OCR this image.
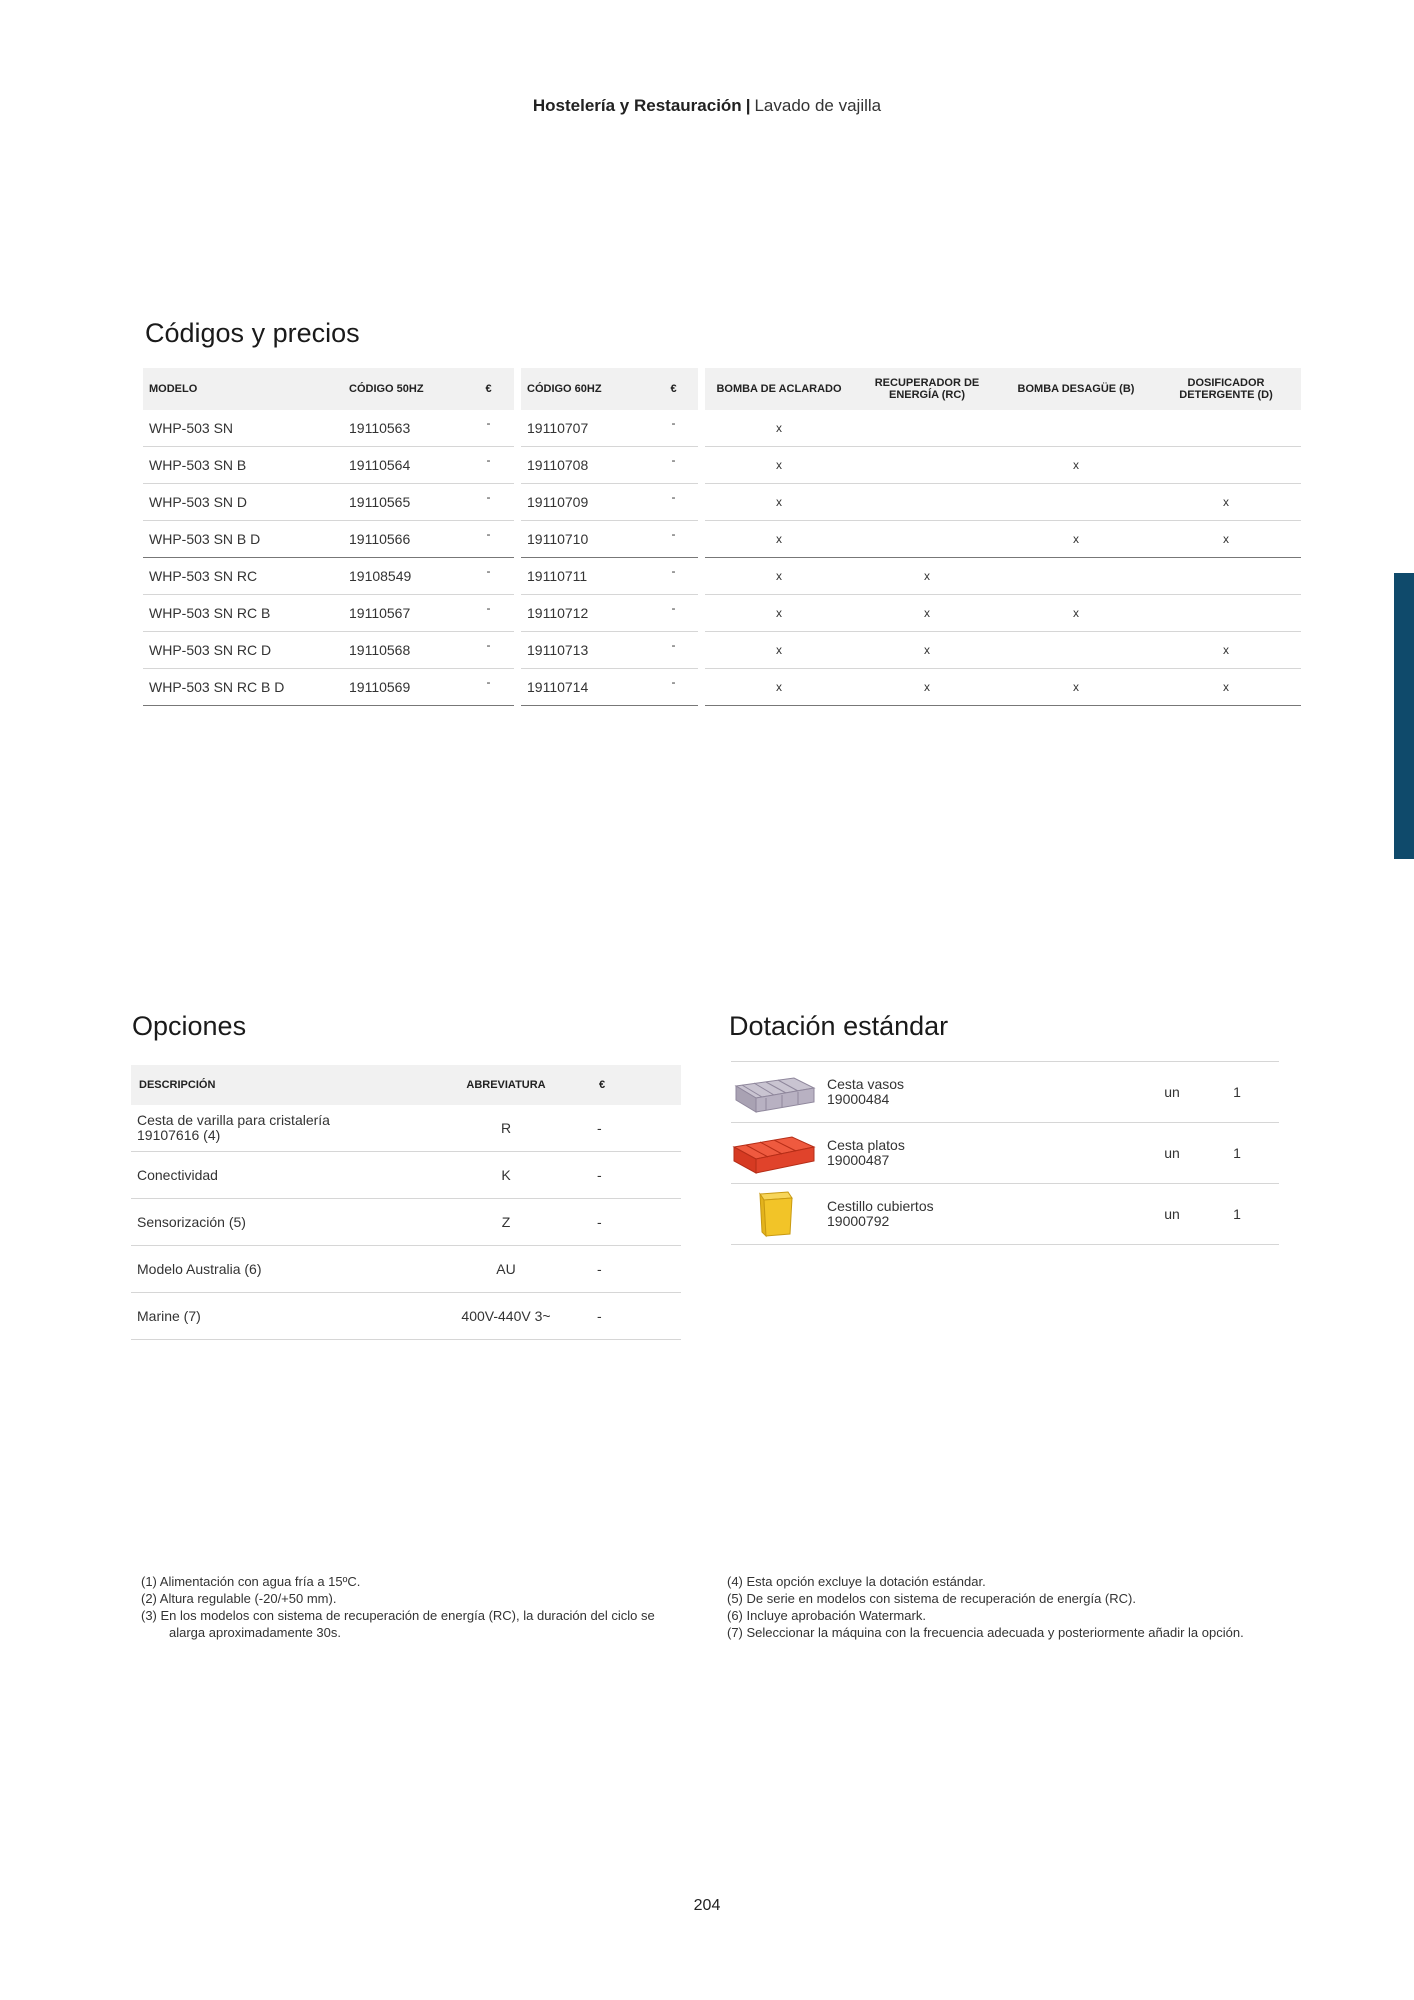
Hostelería y Restauración | Lavado de vajilla
Códigos y precios
MODELO	CÓDIGO 50HZ	€		CÓDIGO 60HZ	€		BOMBA DE ACLARADO	RECUPERADOR DE ENERGÍA (RC)	BOMBA DESAGÜE (B)	DOSIFICADOR DETERGENTE (D)
WHP-503 SN	19110563	-		19110707	-		x			
WHP-503 SN B	19110564	-		19110708	-		x		x	
WHP-503 SN D	19110565	-		19110709	-		x			x
WHP-503 SN B D	19110566	-		19110710	-		x		x	x
WHP-503 SN RC	19108549	-		19110711	-		x	x		
WHP-503 SN RC B	19110567	-		19110712	-		x	x	x	
WHP-503 SN RC D	19110568	-		19110713	-		x	x		x
WHP-503 SN RC B D	19110569	-		19110714	-		x	x	x	x
Opciones
DESCRIPCIÓN	ABREVIATURA	€

Cesta de varilla para cristalería
19107616 (4)	R	-
Conectividad	K	-
Sensorización (5)	Z	-
Modelo Australia (6)	AU	-
Marine (7)	400V-440V 3~	-
Dotación estándar
Cesta vasos
19000484	un	1
Cesta platos
19000487	un	1
Cestillo cubiertos
19000792	un	1
(1) Alimentación con agua fría a 15ºC.
(2) Altura regulable (-20/+50 mm).
(3) En los modelos con sistema de recuperación de energía (RC), la duración del ciclo se
alarga aproximadamente 30s.
(4) Esta opción excluye la dotación estándar.
(5) De serie en modelos con sistema de recuperación de energía (RC).
(6) Incluye aprobación Watermark.
(7) Seleccionar la máquina con la frecuencia adecuada y posteriormente añadir la opción.
204
